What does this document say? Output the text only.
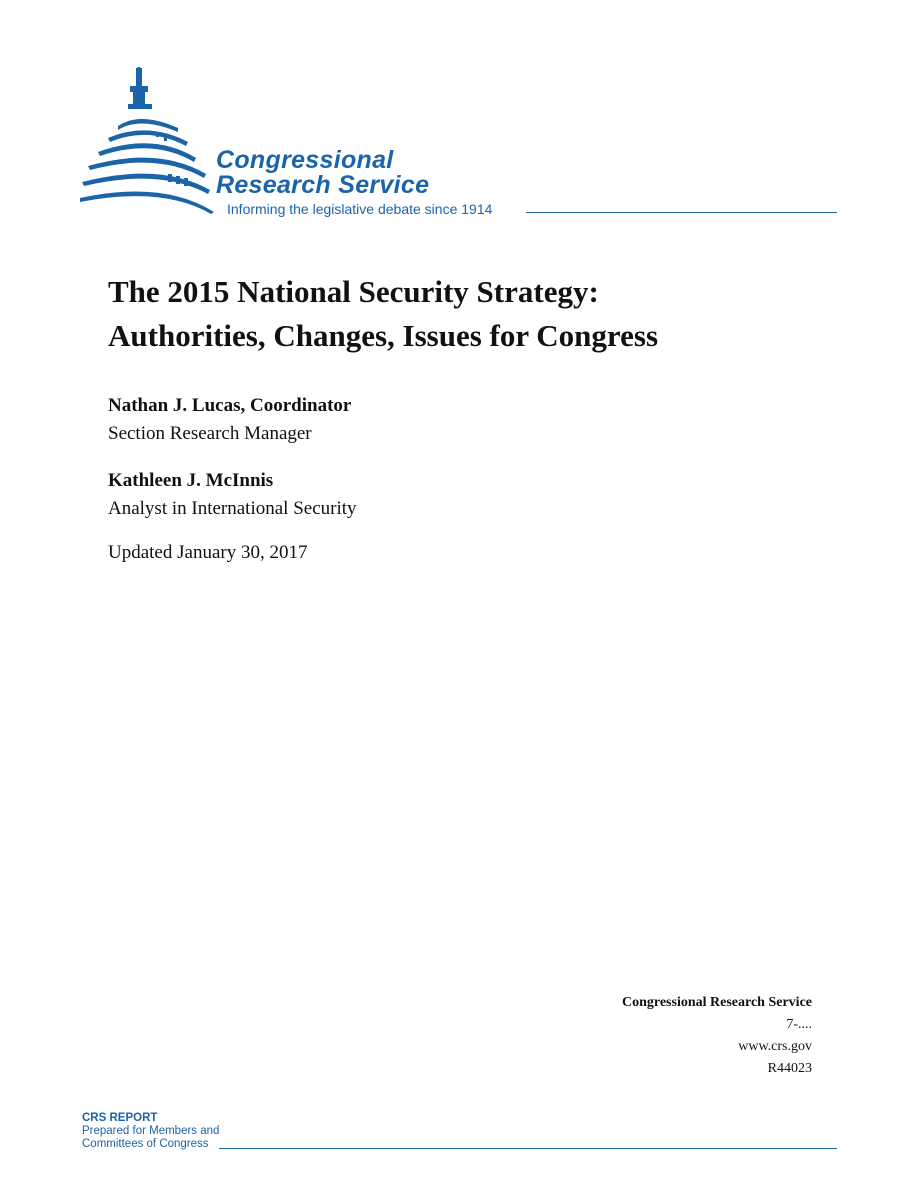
Congressional
Research Service
Informing the legislative debate since 1914
The 2015 National Security Strategy:
Authorities, Changes, Issues for Congress
Nathan J. Lucas, Coordinator
Section Research Manager
Kathleen J. McInnis
Analyst in International Security
Updated January 30, 2017
Congressional Research Service
7-....
www.crs.gov
R44023
CRS REPORT
Prepared for Members and
Committees of Congress
